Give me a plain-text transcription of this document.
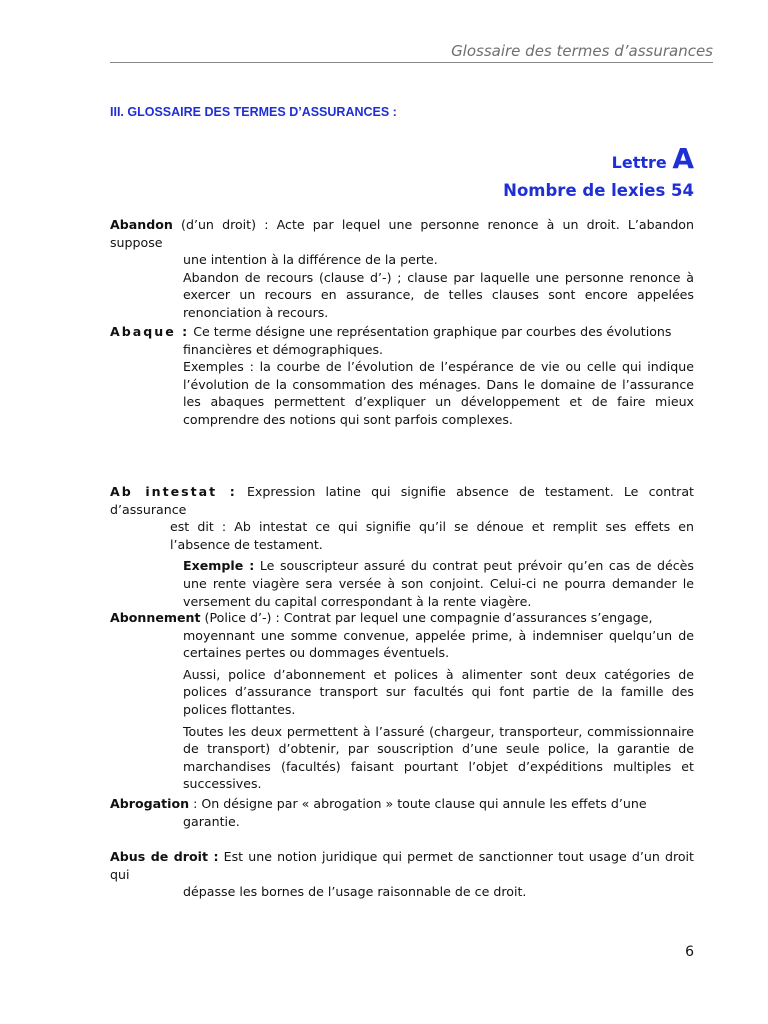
Glossaire des termes d’assurances
III. GLOSSAIRE DES TERMES D’ASSURANCES :
Lettre A
Nombre de lexies 54
Abandon (d’un droit) : Acte par lequel une personne renonce à un droit. L’abandon suppose

une intention à la différence de la perte.

Abandon de recours (clause d’-) ; clause par laquelle une personne renonce à exercer un recours en assurance, de telles clauses sont encore appelées renonciation à recours.

Abaque : Ce terme désigne une représentation graphique par courbes des évolutions

financières et démographiques.

Exemples : la courbe de l’évolution de l’espérance de vie ou celle qui indique l’évolution de la consommation des ménages. Dans le domaine de l’assurance les abaques permettent d’expliquer un développement et de faire mieux comprendre des notions qui sont parfois complexes.

Ab intestat : Expression latine qui signifie absence de testament. Le contrat d’assurance

est dit : Ab intestat ce qui signifie qu’il se dénoue et remplit ses effets en l’absence de testament.

Exemple : Le souscripteur assuré du contrat peut prévoir qu’en cas de décès une rente viagère sera versée à son conjoint. Celui-ci ne pourra demander le versement du capital correspondant à la rente viagère.

Abonnement (Police d’-) : Contrat par lequel une compagnie d’assurances s’engage,

moyennant une somme convenue, appelée prime, à indemniser quelqu’un de certaines pertes ou dommages éventuels.

Aussi, police d’abonnement et polices à alimenter sont deux catégories de polices d’assurance transport sur facultés qui font partie de la famille des polices flottantes.

Toutes les deux permettent à l’assuré (chargeur, transporteur, commissionnaire de transport) d’obtenir, par souscription d’une seule police, la garantie de marchandises (facultés) faisant pourtant l’objet d’expéditions multiples et successives.

Abrogation : On désigne par « abrogation » toute clause qui annule les effets d’une

garantie.

Abus de droit : Est une notion juridique qui permet de sanctionner tout usage d’un droit qui

dépasse les bornes de l’usage raisonnable de ce droit.

6
